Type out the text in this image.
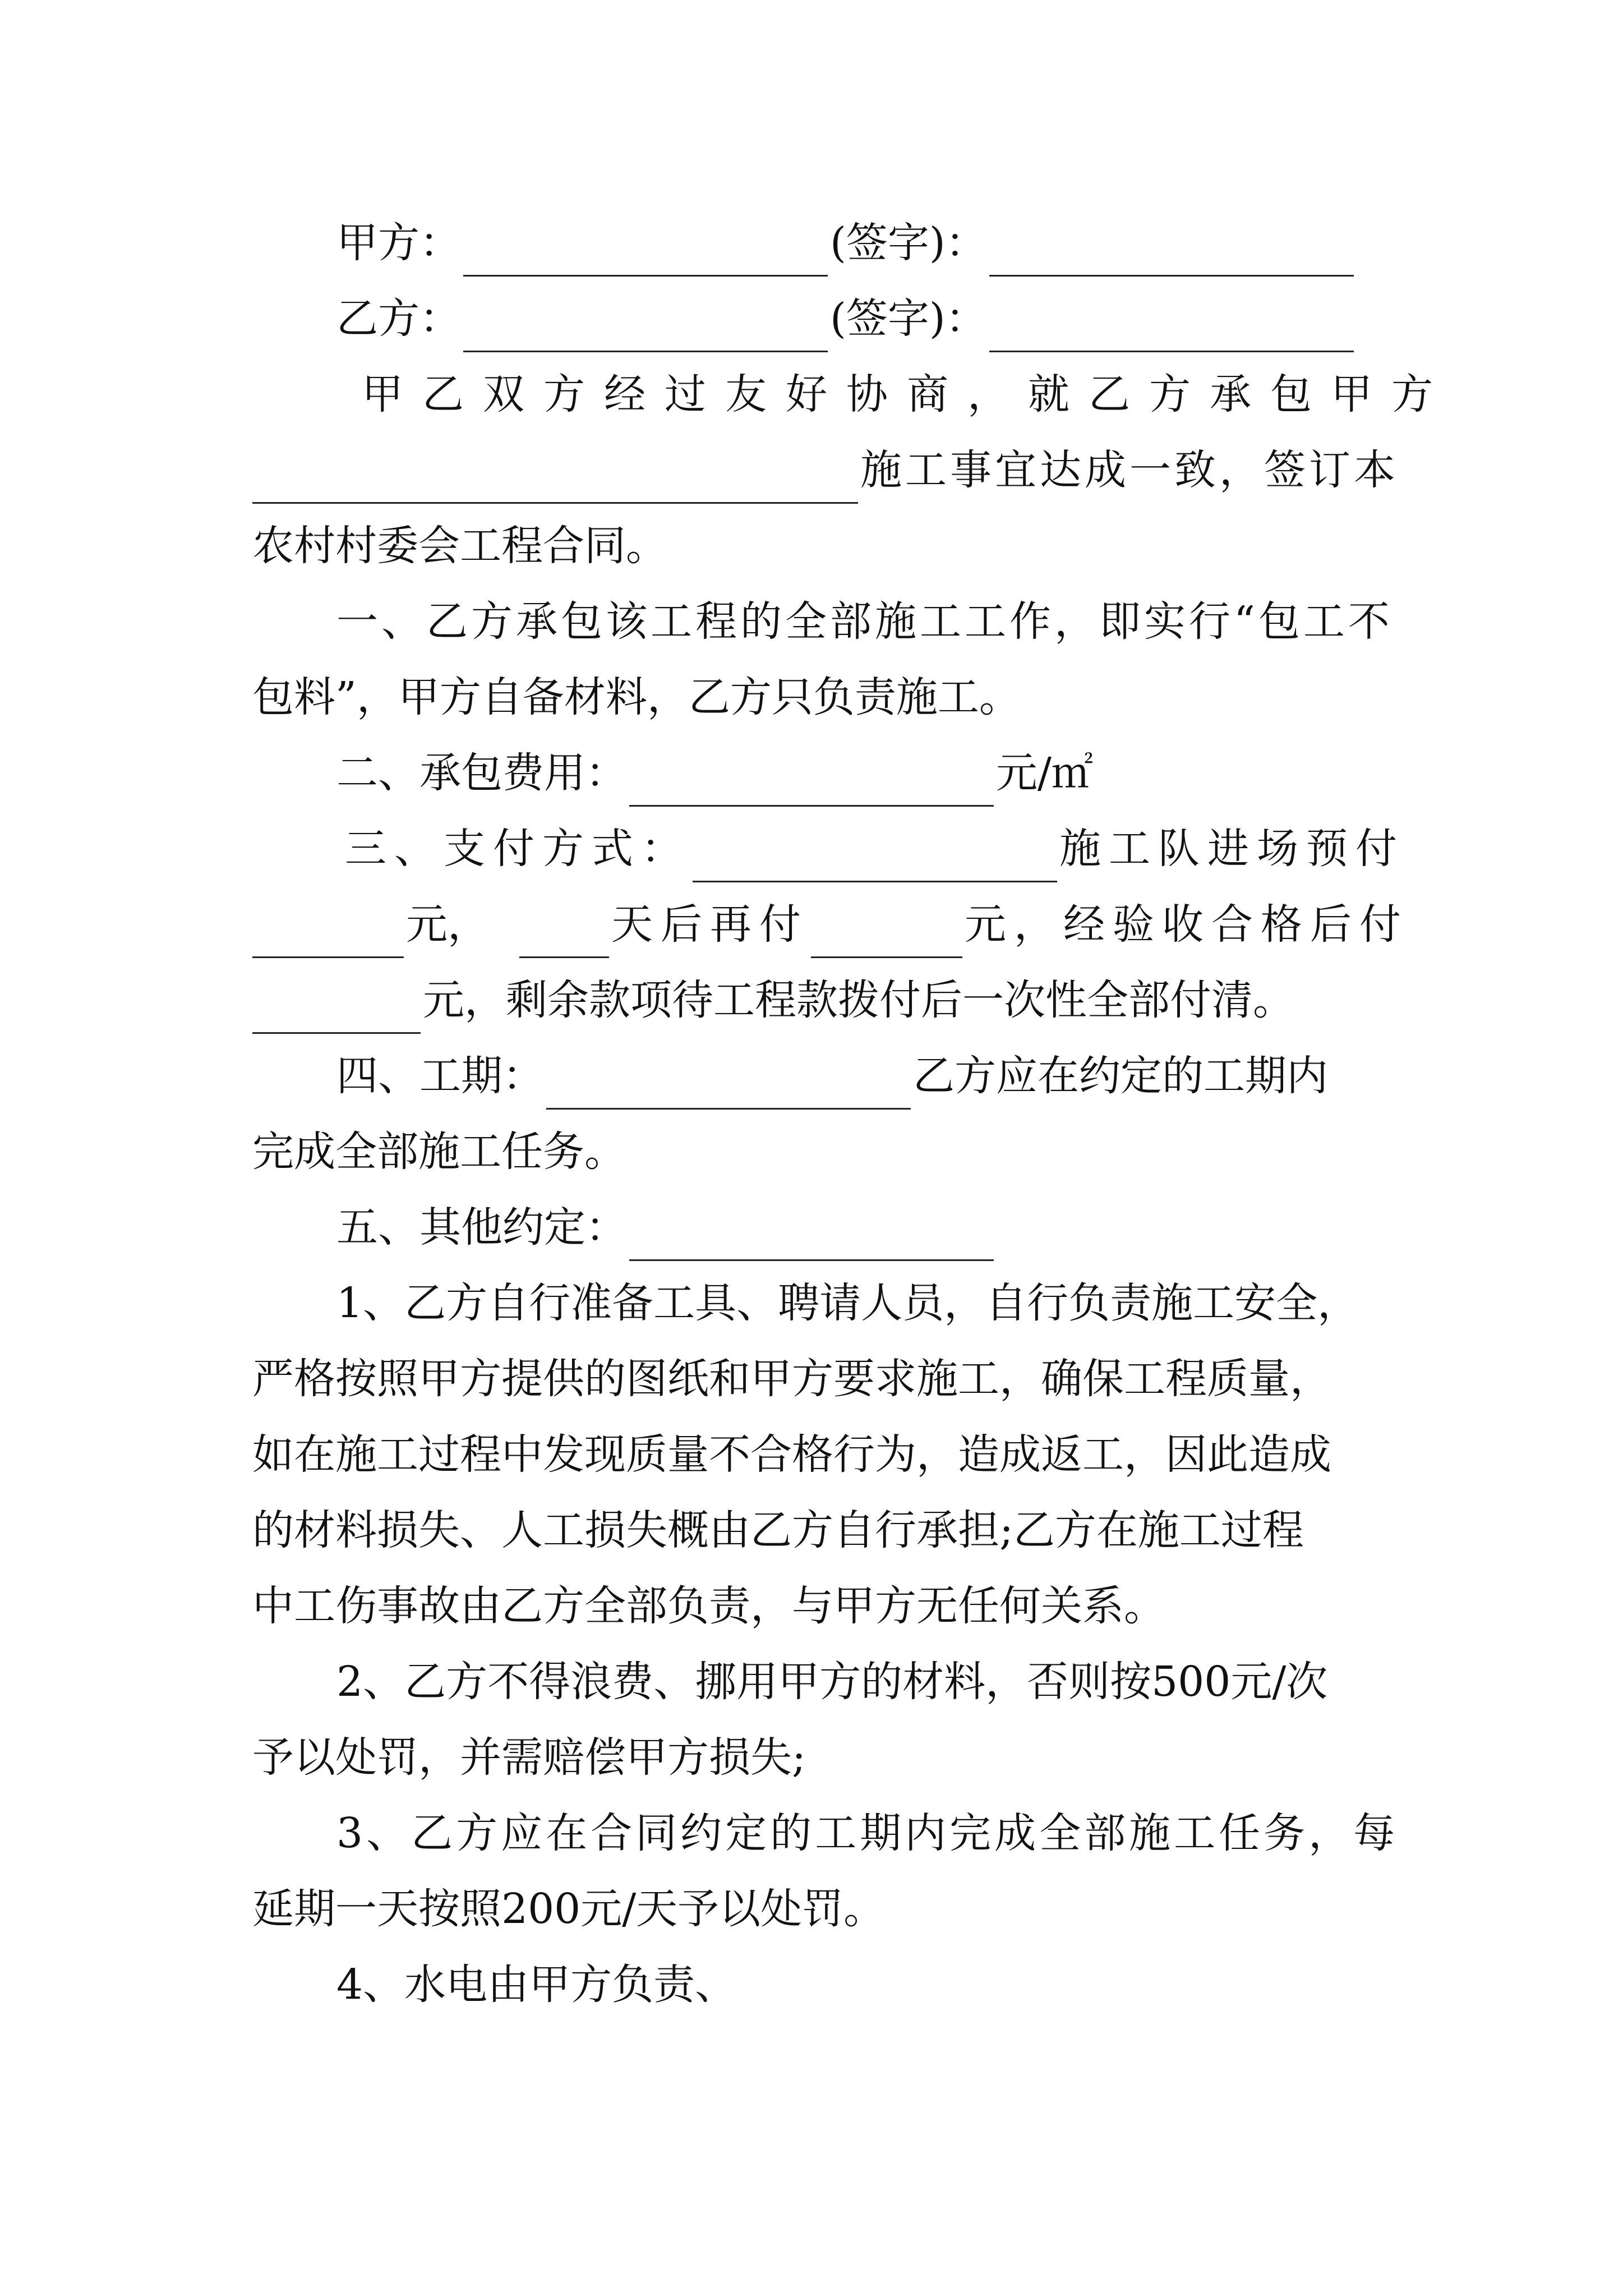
甲方：	(签字)：
乙方：	(签字)：
甲乙双方经过友好协商，就乙方承包甲方
施工事宜达成一致，签订本
农村村委会工程合同。
一、乙方承包该工程的全部施工工作，即实行“包工不
包料”，甲方自备材料，乙方只负责施工。
二、承包费用：	元/㎡
三、支付方式：	施工队进场预付
元，	天后再付	元，经验收合格后付
元，剩余款项待工程款拨付后一次性全部付清。
四、工期：	乙方应在约定的工期内
完成全部施工任务。
五、其他约定：
1、乙方自行准备工具、聘请人员，自行负责施工安全，
严格按照甲方提供的图纸和甲方要求施工，确保工程质量，
如在施工过程中发现质量不合格行为，造成返工，因此造成
的材料损失、人工损失概由乙方自行承担;乙方在施工过程
中工伤事故由乙方全部负责，与甲方无任何关系。
2、乙方不得浪费、挪用甲方的材料，否则按500元/次
予以处罚，并需赔偿甲方损失;
3、乙方应在合同约定的工期内完成全部施工任务，每
延期一天按照200元/天予以处罚。
4、水电由甲方负责、
